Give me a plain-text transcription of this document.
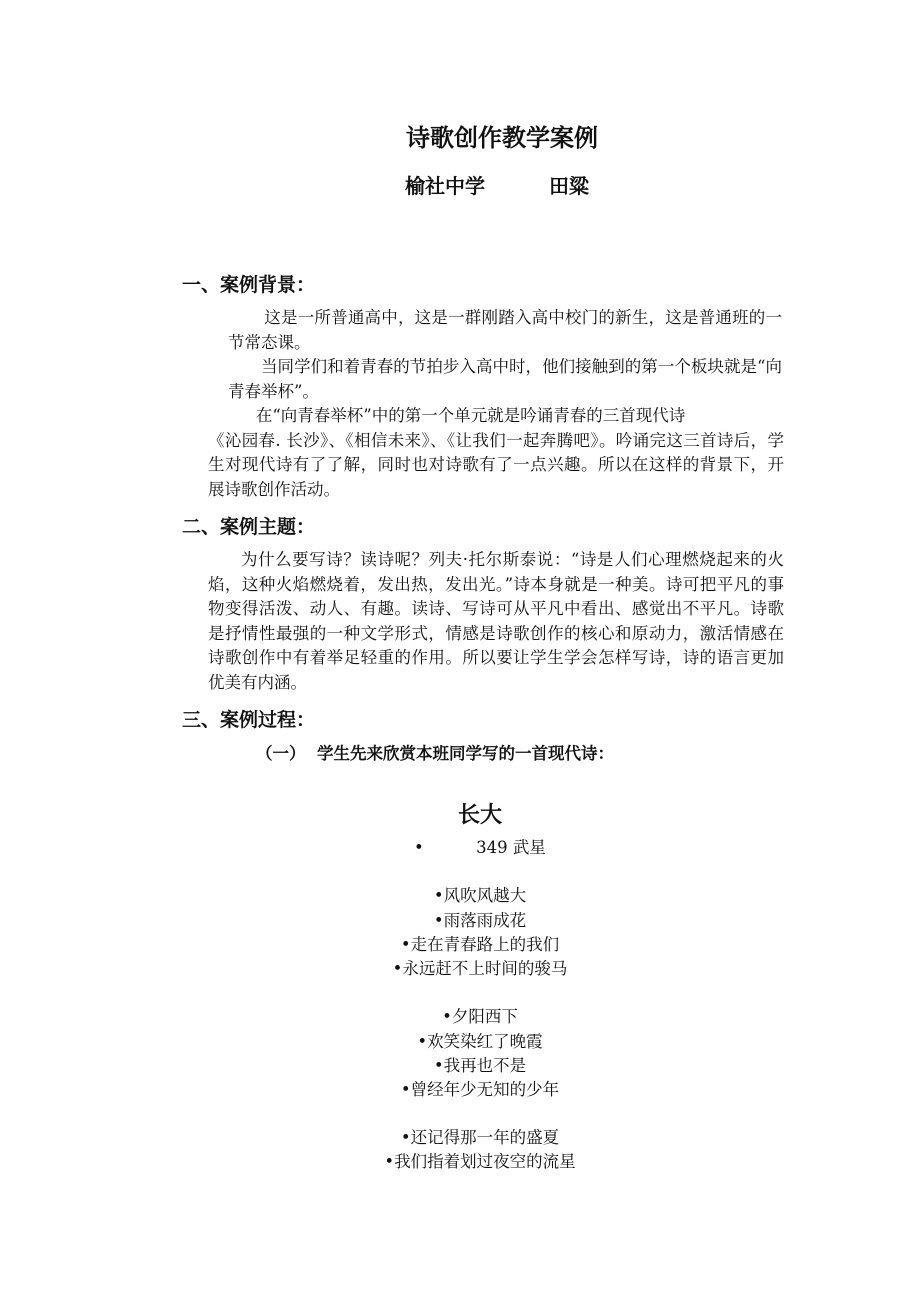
诗歌创作教学案例
榆社中学	田粱
一、案例背景：

这是一所普通高中，这是一群刚踏入高中校门的新生，这是普通班的一节常态课。

当同学们和着青春的节拍步入高中时，他们接触到的第一个板块就是“向青春举杯”。

在“向青春举杯”中的第一个单元就是吟诵青春的三首现代诗

《沁园春. 长沙》、《相信未来》、《让我们一起奔腾吧》。吟诵完这三首诗后，学生对现代诗有了了解，同时也对诗歌有了一点兴趣。所以在这样的背景下，开展诗歌创作活动。

二、案例主题：

为什么要写诗？读诗呢？列夫·托尔斯泰说：“诗是人们心理燃烧起来的火焰，这种火焰燃烧着，发出热，发出光。”诗本身就是一种美。诗可把平凡的事物变得活泼、动人、有趣。读诗、写诗可从平凡中看出、感觉出不平凡。诗歌是抒情性最强的一种文学形式，情感是诗歌创作的核心和原动力，激活情感在诗歌创作中有着举足轻重的作用。所以要让学生学会怎样写诗，诗的语言更加优美有内涵。

三、案例过程：
（一）  学生先来欣赏本班同学写的一首现代诗：
长大
•          349 武星
•风吹风越大
•雨落雨成花
•走在青春路上的我们
•永远赶不上时间的骏马
•夕阳西下
•欢笑染红了晚霞
•我再也不是
•曾经年少无知的少年
•还记得那一年的盛夏
•我们指着划过夜空的流星
